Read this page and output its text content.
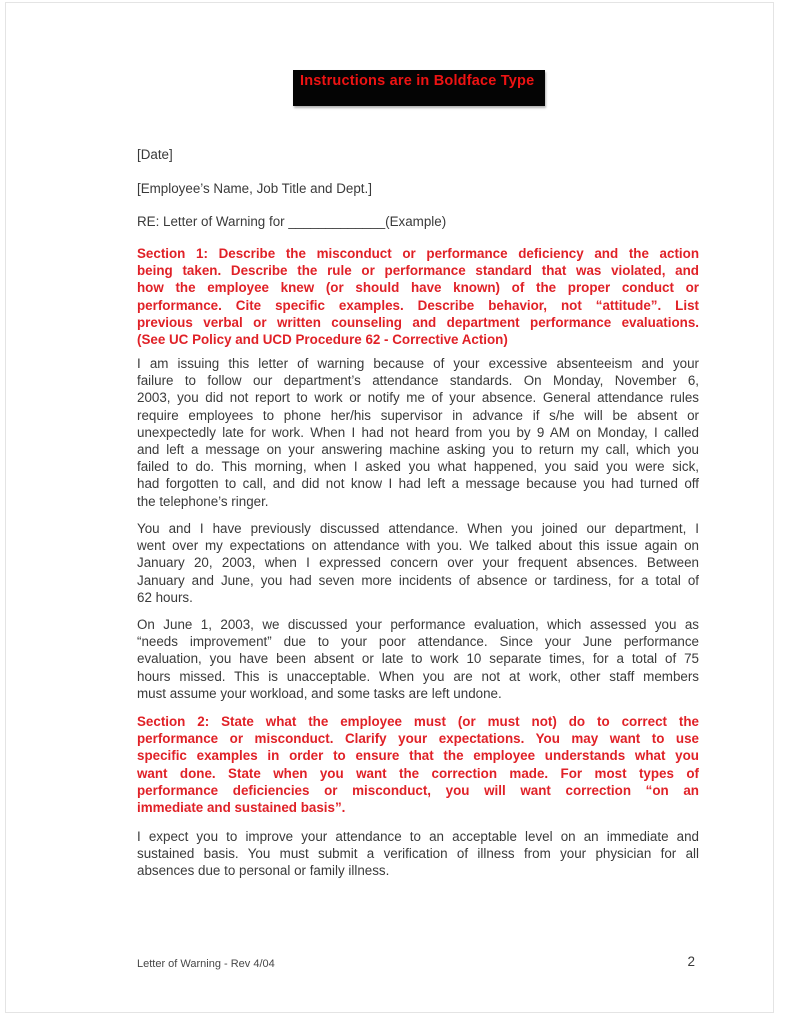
Instructions are in Boldface Type
[Date]
[Employee’s Name, Job Title and Dept.]
RE: Letter of Warning for _____________(Example)
Section 1: Describe the misconduct or performance deficiency and the action
being taken. Describe the rule or performance standard that was violated, and
how the employee knew (or should have known) of the proper conduct or
performance. Cite specific examples. Describe behavior, not “attitude”. List
previous verbal or written counseling and department performance evaluations.
(See UC Policy and UCD Procedure 62 - Corrective Action)
I am issuing this letter of warning because of your excessive absenteeism and your
failure to follow our department’s attendance standards. On Monday, November 6,
2003, you did not report to work or notify me of your absence. General attendance rules
require employees to phone her/his supervisor in advance if s/he will be absent or
unexpectedly late for work. When I had not heard from you by 9 AM on Monday, I called
and left a message on your answering machine asking you to return my call, which you
failed to do. This morning, when I asked you what happened, you said you were sick,
had forgotten to call, and did not know I had left a message because you had turned off
the telephone’s ringer.
You and I have previously discussed attendance. When you joined our department, I
went over my expectations on attendance with you. We talked about this issue again on
January 20, 2003, when I expressed concern over your frequent absences. Between
January and June, you had seven more incidents of absence or tardiness, for a total of
62 hours.
On June 1, 2003, we discussed your performance evaluation, which assessed you as
“needs improvement” due to your poor attendance. Since your June performance
evaluation, you have been absent or late to work 10 separate times, for a total of 75
hours missed. This is unacceptable. When you are not at work, other staff members
must assume your workload, and some tasks are left undone.
Section 2: State what the employee must (or must not) do to correct the
performance or misconduct. Clarify your expectations. You may want to use
specific examples in order to ensure that the employee understands what you
want done. State when you want the correction made. For most types of
performance deficiencies or misconduct, you will want correction “on an
immediate and sustained basis”.
I expect you to improve your attendance to an acceptable level on an immediate and
sustained basis. You must submit a verification of illness from your physician for all
absences due to personal or family illness.
Letter of Warning - Rev 4/04	2
